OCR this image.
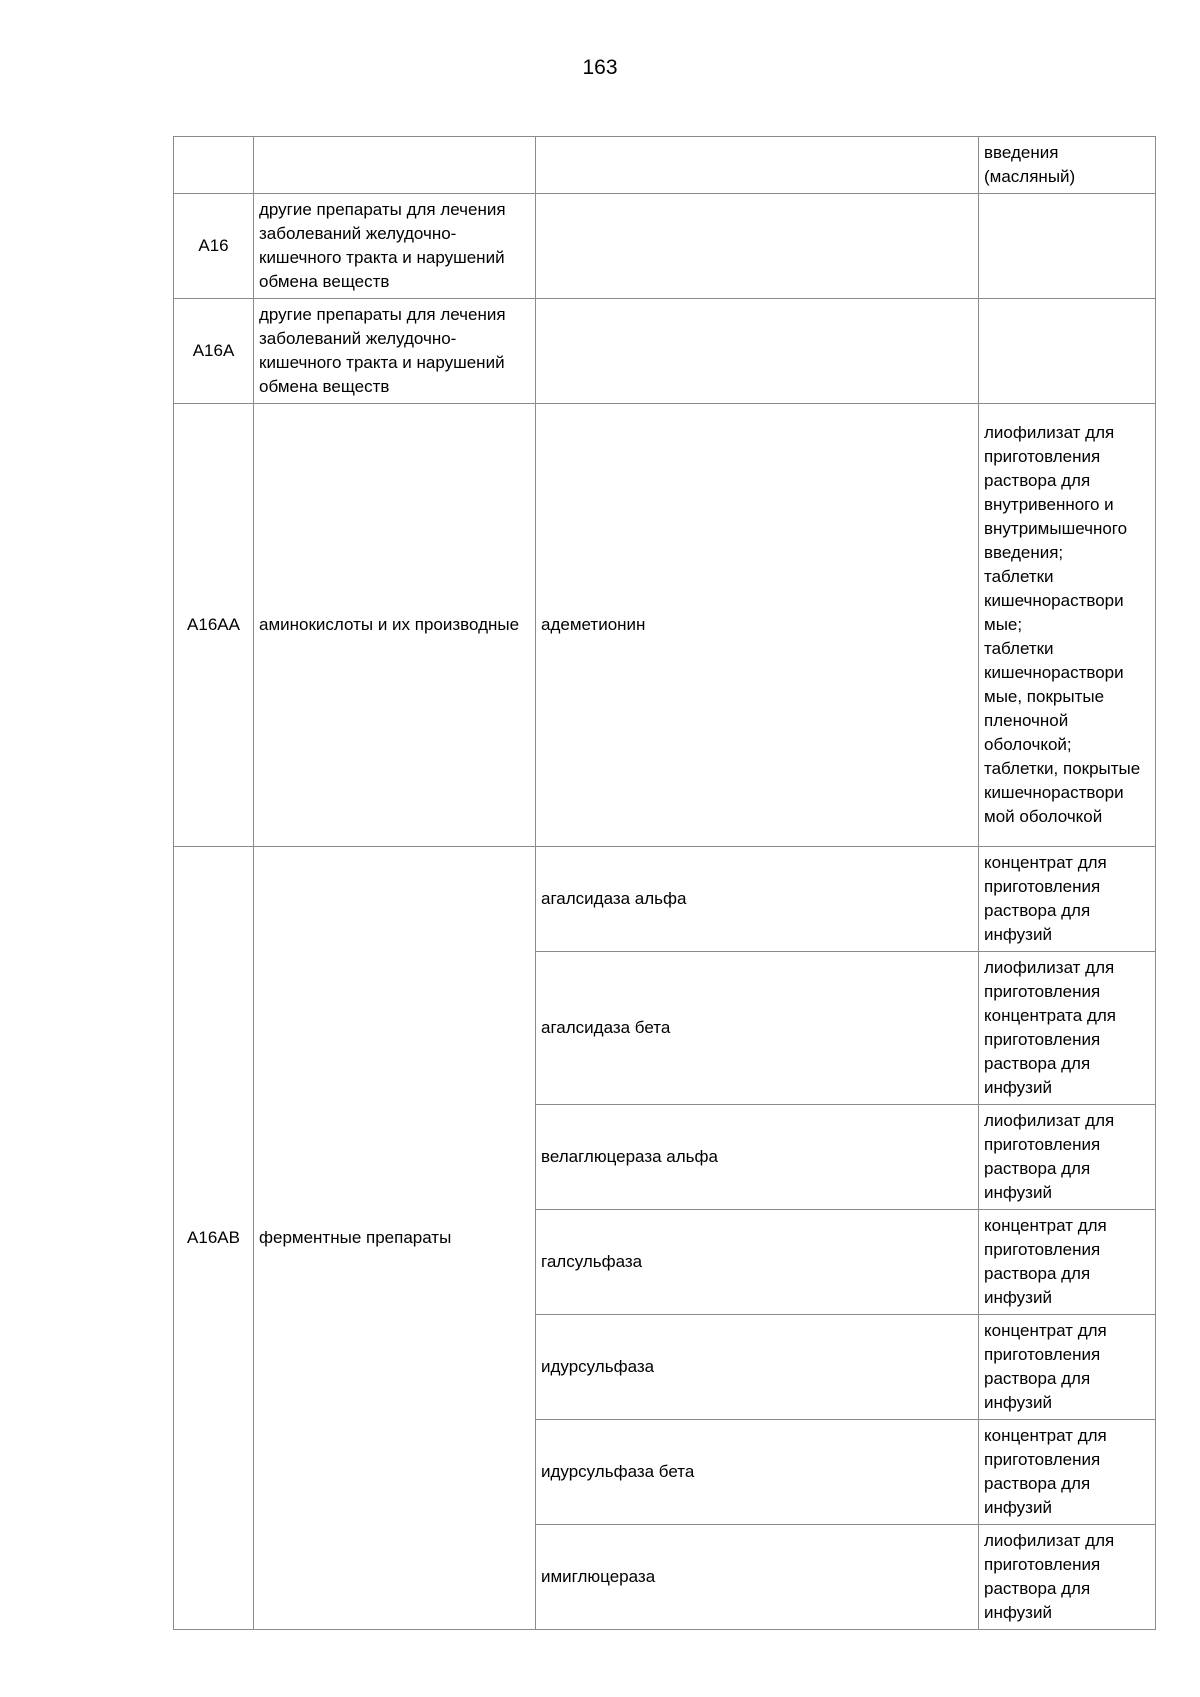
163

			введения
(масляный)

A16	другие препараты для лечения заболеваний желудочно-кишечного тракта и нарушений обмена веществ		
A16A	другие препараты для лечения заболеваний желудочно-кишечного тракта и нарушений обмена веществ		
A16AA	аминокислоты и их производные	адеметионин	лиофилизат для приготовления раствора для внутривенного и внутримышечного введения;
таблетки кишечнораствори мые;
таблетки кишечнораствори мые, покрытые пленочной оболочкой;
таблетки, покрытые кишечнораствори мой оболочкой

A16AB	ферментные препараты	агалсидаза альфа	концентрат для приготовления раствора для инфузий
		агалсидаза бета	лиофилизат для приготовления концентрата для приготовления раствора для инфузий
		велаглюцераза альфа	лиофилизат для приготовления раствора для инфузий
		галсульфаза	концентрат для приготовления раствора для инфузий
		идурсульфаза	концентрат для приготовления раствора для инфузий
		идурсульфаза бета	концентрат для приготовления раствора для инфузий
		имиглюцераза	лиофилизат для приготовления раствора для инфузий
